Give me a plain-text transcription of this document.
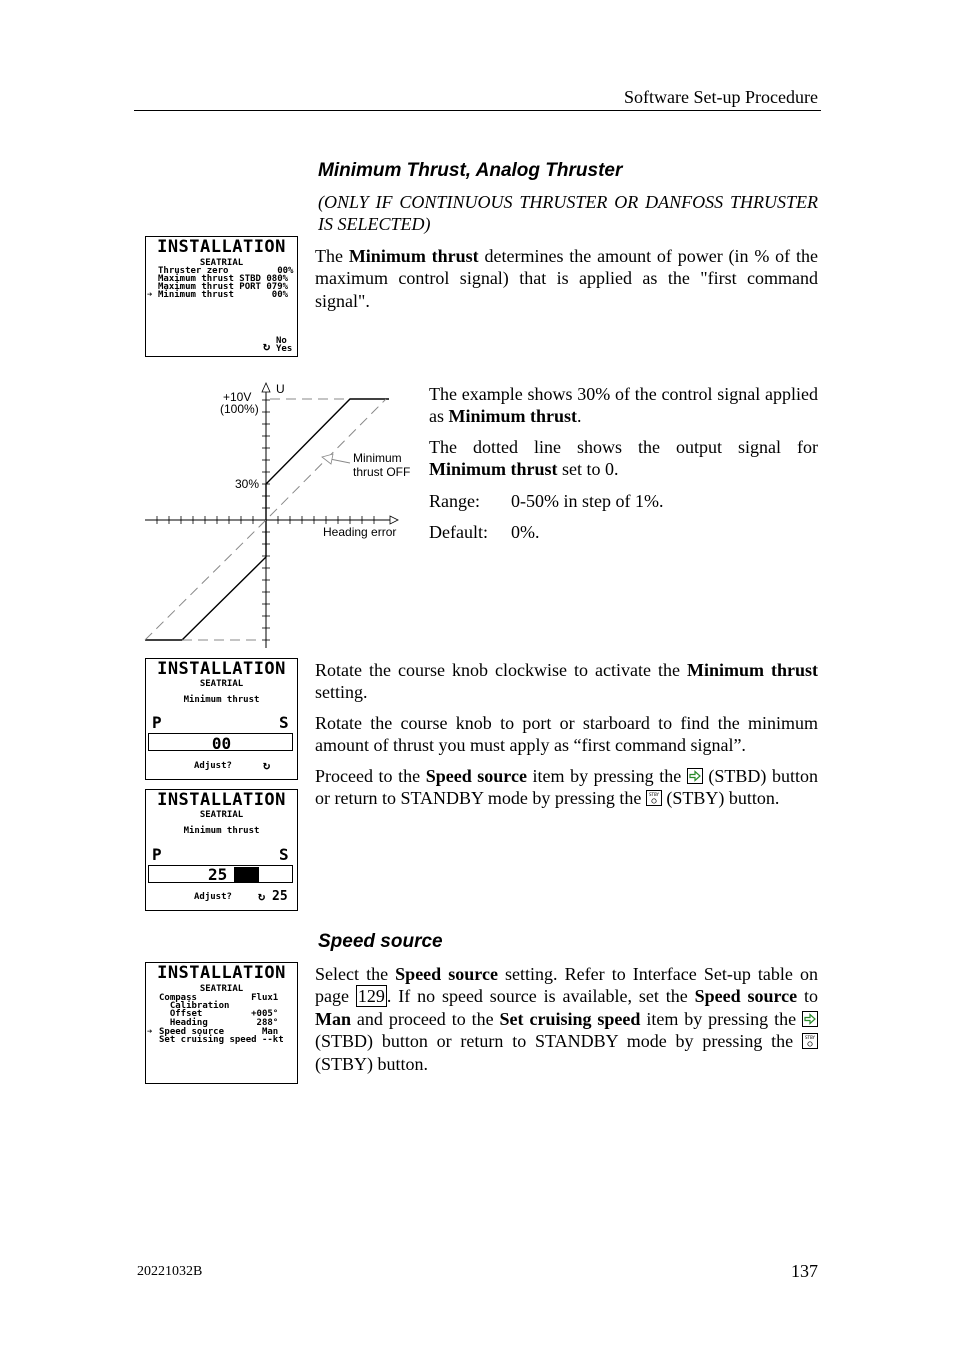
Software Set-up Procedure
Minimum Thrust, Analog Thruster
(ONLY IF CONTINUOUS THRUSTER OR DANFOSS THRUSTER IS SELECTED)
The Minimum thrust determines the amount of power (in % of the maximum control signal) that is applied as the "first command signal".
INSTALLATION
SEATRIAL
Thruster zero         00%
Maximum thrust STBD 080%
Maximum thrust PORT 079%
➔ Minimum thrust       00%
↻ No
Yes
+10V
(100%)
U
30%
Minimum
thrust OFF
Heading error

The example shows 30% of the control signal applied as Minimum thrust.

The dotted line shows the output signal for Minimum thrust set to 0.

Range: 0-50% in step of 1%.
Default: 0%.
INSTALLATION
SEATRIAL
Minimum thrust
P	S
00
Adjust?	↻
INSTALLATION
SEATRIAL
Minimum thrust
P	S
25
Adjust? ↻ 25

Rotate the course knob clockwise to activate the Minimum thrust setting.

Rotate the course knob to port or starboard to find the minimum amount of thrust you must apply as “first command signal”.

Proceed to the Speed source item by pressing the  (STBD) button or return to STANDBY mode by pressing the STBY (STBY) button.

Speed source
Select the Speed source setting. Refer to Interface Set-up table on page 129 . If no speed source is available, set the Speed source to Man and proceed to the Set cruising speed item by pressing the  (STBD) button or return to STANDBY mode by pressing the STBY
(STBY) button.
INSTALLATION
SEATRIAL
Compass          Flux1
Calibration
Offset         +005°
Heading         288°
➔ Speed source       Man
Set cruising speed --kt
20221032B	137
